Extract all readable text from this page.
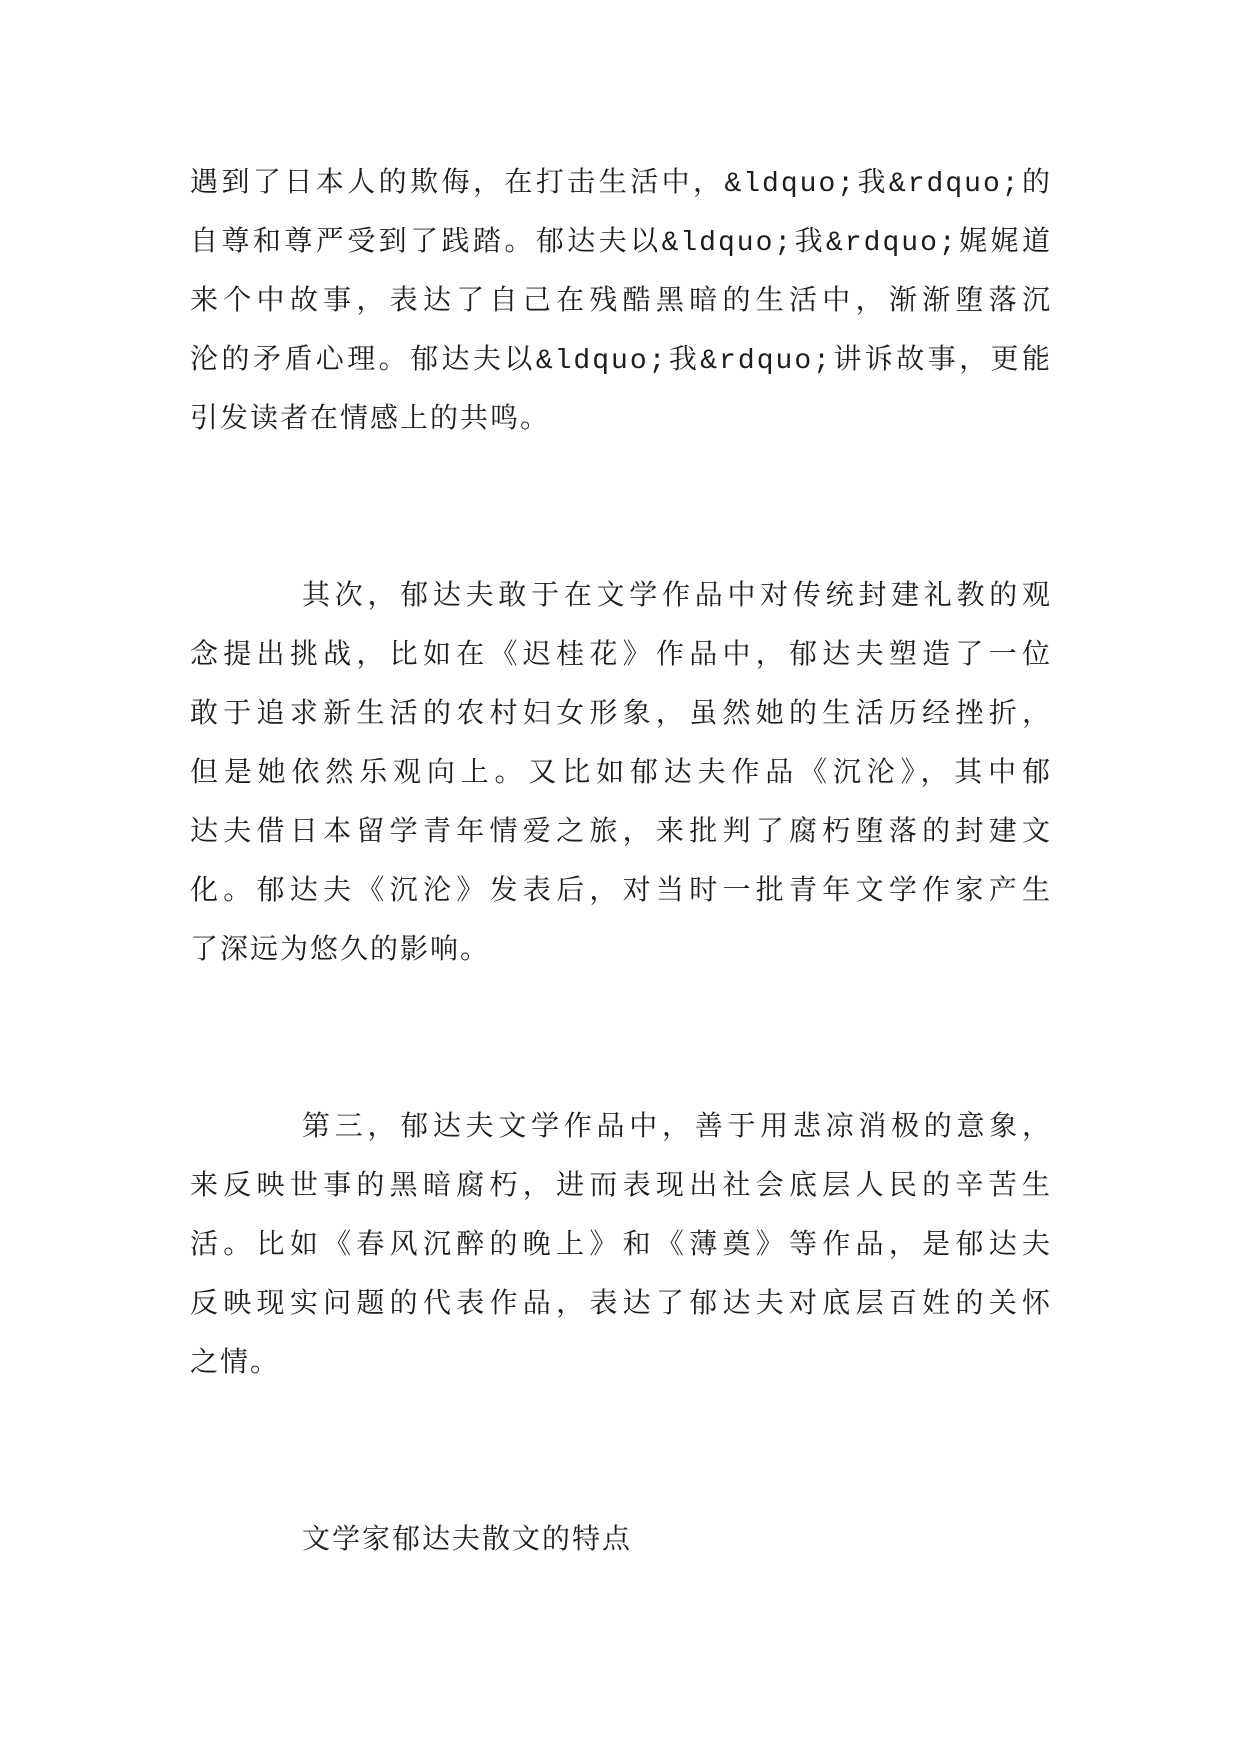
遇到了日本人的欺侮，在打击生活中，&ldquo;我&rdquo;的
自尊和尊严受到了践踏。郁达夫以&ldquo;我&rdquo;娓娓道
来个中故事，表达了自己在残酷黑暗的生活中，渐渐堕落沉
沦的矛盾心理。郁达夫以&ldquo;我&rdquo;讲诉故事，更能
引发读者在情感上的共鸣。
其次，郁达夫敢于在文学作品中对传统封建礼教的观
念提出挑战，比如在《迟桂花》作品中，郁达夫塑造了一位
敢于追求新生活的农村妇女形象，虽然她的生活历经挫折，
但是她依然乐观向上。又比如郁达夫作品《沉沦》，其中郁
达夫借日本留学青年情爱之旅，来批判了腐朽堕落的封建文
化。郁达夫《沉沦》发表后，对当时一批青年文学作家产生
了深远为悠久的影响。
第三，郁达夫文学作品中，善于用悲凉消极的意象，
来反映世事的黑暗腐朽，进而表现出社会底层人民的辛苦生
活。比如《春风沉醉的晚上》和《薄奠》等作品，是郁达夫
反映现实问题的代表作品，表达了郁达夫对底层百姓的关怀
之情。
文学家郁达夫散文的特点
